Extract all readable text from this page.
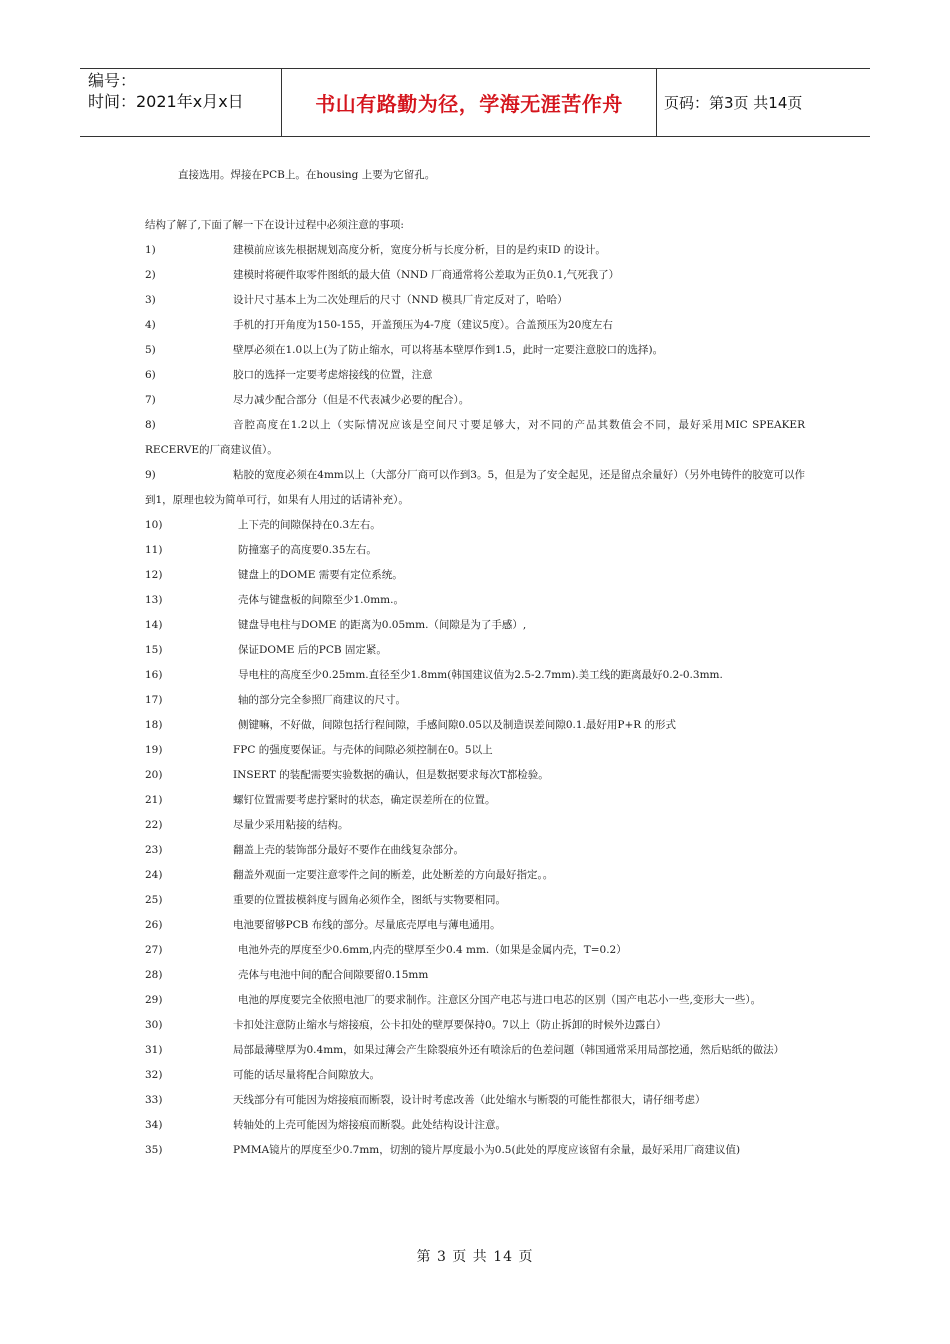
编号：
时间：2021年x月x日	书山有路勤为径，学海无涯苦作舟	页码：第3页 共14页
直接选用。焊接在PCB上。在housing 上要为它留孔。
结构了解了,下面了解一下在设计过程中必须注意的事项:
1)	建模前应该先根据规划高度分析，宽度分析与长度分析，目的是约束ID 的设计。
2)	建模时将硬件取零件图纸的最大值（NND 厂商通常将公差取为正负0.1,气死我了）
3)	设计尺寸基本上为二次处理后的尺寸（NND 模具厂肯定反对了，哈哈）
4)	手机的打开角度为150-155，开盖预压为4-7度（建议5度）。合盖预压为20度左右
5)	壁厚必须在1.0以上(为了防止缩水，可以将基本壁厚作到1.5，此时一定要注意胶口的选择)。
6)	胶口的选择一定要考虑熔接线的位置，注意
7)	尽力减少配合部分（但是不代表减少必要的配合）。
8)	音腔高度在1.2以上（实际情况应该是空间尺寸要足够大，对不同的产品其数值会不同，最好采用MIC SPEAKER RECERVE的厂商建议值）。
9)	粘胶的宽度必须在4mm以上（大部分厂商可以作到3。5，但是为了安全起见，还是留点余量好）（另外电铸件的胶宽可以作到1，原理也较为简单可行，如果有人用过的话请补充）。
10)	上下壳的间隙保持在0.3左右。
11)	防撞塞子的高度要0.35左右。
12)	键盘上的DOME 需要有定位系统。
13)	壳体与键盘板的间隙至少1.0mm.。
14)	键盘导电柱与DOME 的距离为0.05mm.（间隙是为了手感）,
15)	保证DOME 后的PCB 固定紧。
16)	导电柱的高度至少0.25mm.直径至少1.8mm(韩国建议值为2.5-2.7mm).美工线的距离最好0.2-0.3mm.
17)	轴的部分完全参照厂商建议的尺寸。
18)	侧键嘛，不好做，间隙包括行程间隙，手感间隙0.05以及制造误差间隙0.1.最好用P+R 的形式
19)	FPC 的强度要保证。与壳体的间隙必须控制在0。5以上
20)	INSERT 的装配需要实验数据的确认，但是数据要求每次T都检验。
21)	螺钉位置需要考虑拧紧时的状态，确定误差所在的位置。
22)	尽量少采用粘接的结构。
23)	翻盖上壳的装饰部分最好不要作在曲线复杂部分。
24)	翻盖外观面一定要注意零件之间的断差，此处断差的方向最好指定。。
25)	重要的位置拔模斜度与圆角必须作全，图纸与实物要相同。
26)	电池要留够PCB 布线的部分。尽量底壳厚电与薄电通用。
27)	电池外壳的厚度至少0.6mm,内壳的壁厚至少0.4 mm.（如果是金属内壳，T=0.2）
28)	壳体与电池中间的配合间隙要留0.15mm
29)	电池的厚度要完全依照电池厂的要求制作。注意区分国产电芯与进口电芯的区别（国产电芯小一些,变形大一些）。
30)	卡扣处注意防止缩水与熔接痕，公卡扣处的壁厚要保持0。7以上（防止拆卸的时候外边露白）
31)	局部最薄壁厚为0.4mm，如果过薄会产生除裂痕外还有喷涂后的色差问题（韩国通常采用局部挖通，然后贴纸的做法）
32)	可能的话尽量将配合间隙放大。
33)	天线部分有可能因为熔接痕而断裂，设计时考虑改善（此处缩水与断裂的可能性都很大，请仔细考虑）
34)	转轴处的上壳可能因为熔接痕而断裂。此处结构设计注意。
35)	PMMA镜片的厚度至少0.7mm，切割的镜片厚度最小为0.5(此处的厚度应该留有余量，最好采用厂商建议值)
第 3 页 共 14 页
